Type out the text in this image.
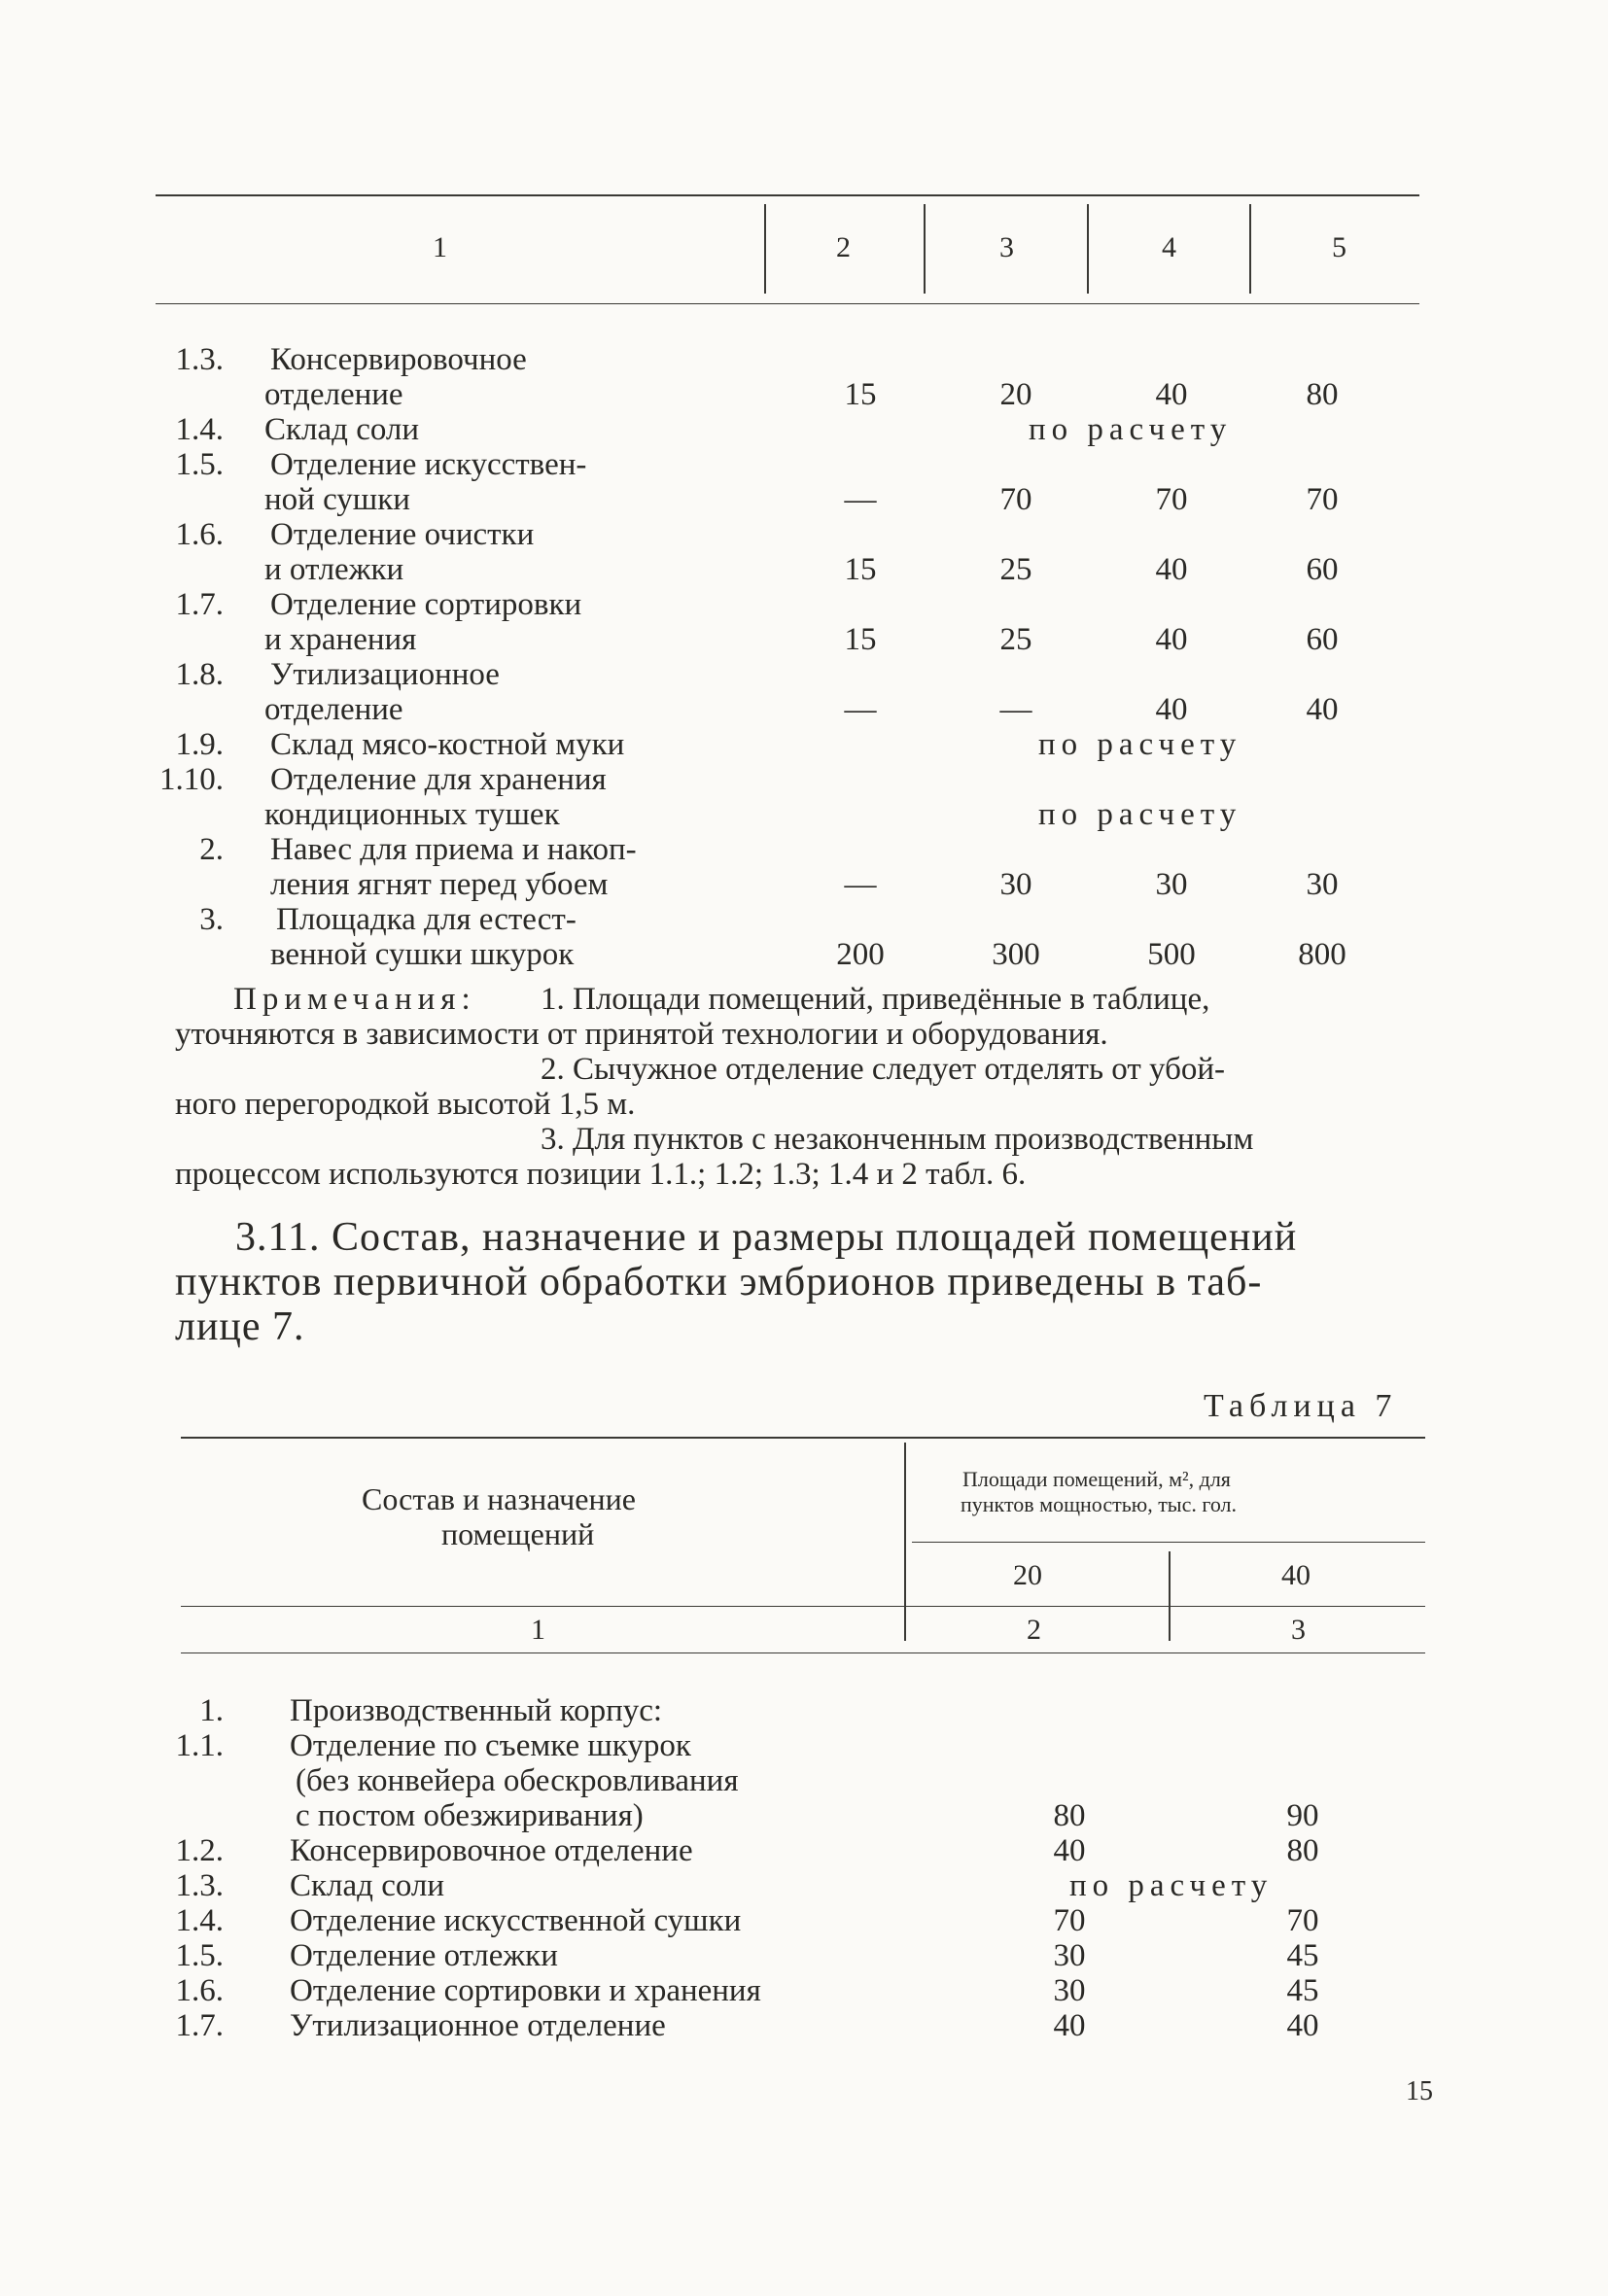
1	2	3	4	5
1.3. Консервировочное
отделение	15	20	40	80
1.4. Склад соли	по расчету
1.5. Отделение искусствен-
ной сушки	—	70	70	70
1.6. Отделение очистки
и отлежки	15	25	40	60
1.7. Отделение сортировки
и хранения	15	25	40	60
1.8. Утилизационное
отделение	—	—	40	40
1.9. Склад мясо-костной муки	по расчету
1.10. Отделение для хранения
кондиционных тушек	по расчету
2. Навес для приема и накоп-
ления ягнят перед убоем	—	30	30	30
3. Площадка для естест-
венной сушки шкурок	200	300	500	800
Примечания: 1. Площади помещений, приведённые в таблице,
уточняются в зависимости от принятой технологии и оборудования.
2. Сычужное отделение следует отделять от убой-
ного перегородкой высотой 1,5 м.
3. Для пунктов с незаконченным производственным
процессом используются позиции 1.1.; 1.2; 1.3; 1.4 и 2 табл. 6.
3.11. Состав, назначение и размеры площадей помещений
пунктов первичной обработки эмбрионов приведены в таб-
лице 7.
Таблица 7
Состав и назначение
помещений
Площади помещений, м², для
пунктов мощностью, тыс. гол.
20	40
1	2	3
1. Производственный корпус:
1.1. Отделение по съемке шкурок
(без конвейера обескровливания
с постом обезжиривания)	80	90
1.2. Консервировочное отделение	40	80
1.3. Склад соли	по расчету
1.4. Отделение искусственной сушки	70	70
1.5. Отделение отлежки	30	45
1.6. Отделение сортировки и хранения	30	45
1.7. Утилизационное отделение	40	40
15
